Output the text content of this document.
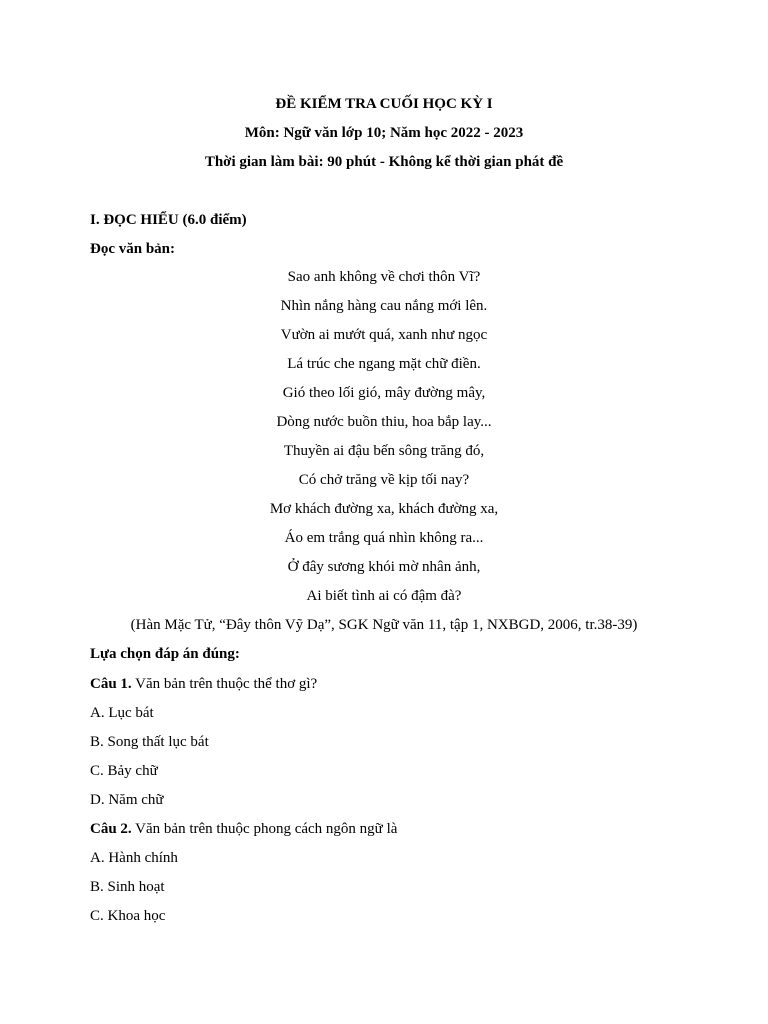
ĐỀ KIỂM TRA CUỐI HỌC KỲ I
Môn: Ngữ văn lớp 10; Năm học 2022 - 2023
Thời gian làm bài: 90 phút - Không kể thời gian phát đề
I. ĐỌC HIỂU (6.0 điểm)
Đọc văn bản:
Sao anh không về chơi thôn Vĩ?
Nhìn nắng hàng cau nắng mới lên.
Vườn ai mướt quá, xanh như ngọc
Lá trúc che ngang mặt chữ điền.
Gió theo lối gió, mây đường mây,
Dòng nước buồn thiu, hoa bắp lay...
Thuyền ai đậu bến sông trăng đó,
Có chở trăng về kịp tối nay?
Mơ khách đường xa, khách đường xa,
Áo em trắng quá nhìn không ra...
Ở đây sương khói mờ nhân ảnh,
Ai biết tình ai có đậm đà?
(Hàn Mặc Tử, “Đây thôn Vỹ Dạ”, SGK Ngữ văn 11, tập 1, NXBGD, 2006, tr.38-39)
Lựa chọn đáp án đúng:
Câu 1. Văn bản trên thuộc thể thơ gì?
A. Lục bát
B. Song thất lục bát
C. Bảy chữ
D. Năm chữ
Câu 2. Văn bản trên thuộc phong cách ngôn ngữ là
A. Hành chính
B. Sinh hoạt
C. Khoa học
